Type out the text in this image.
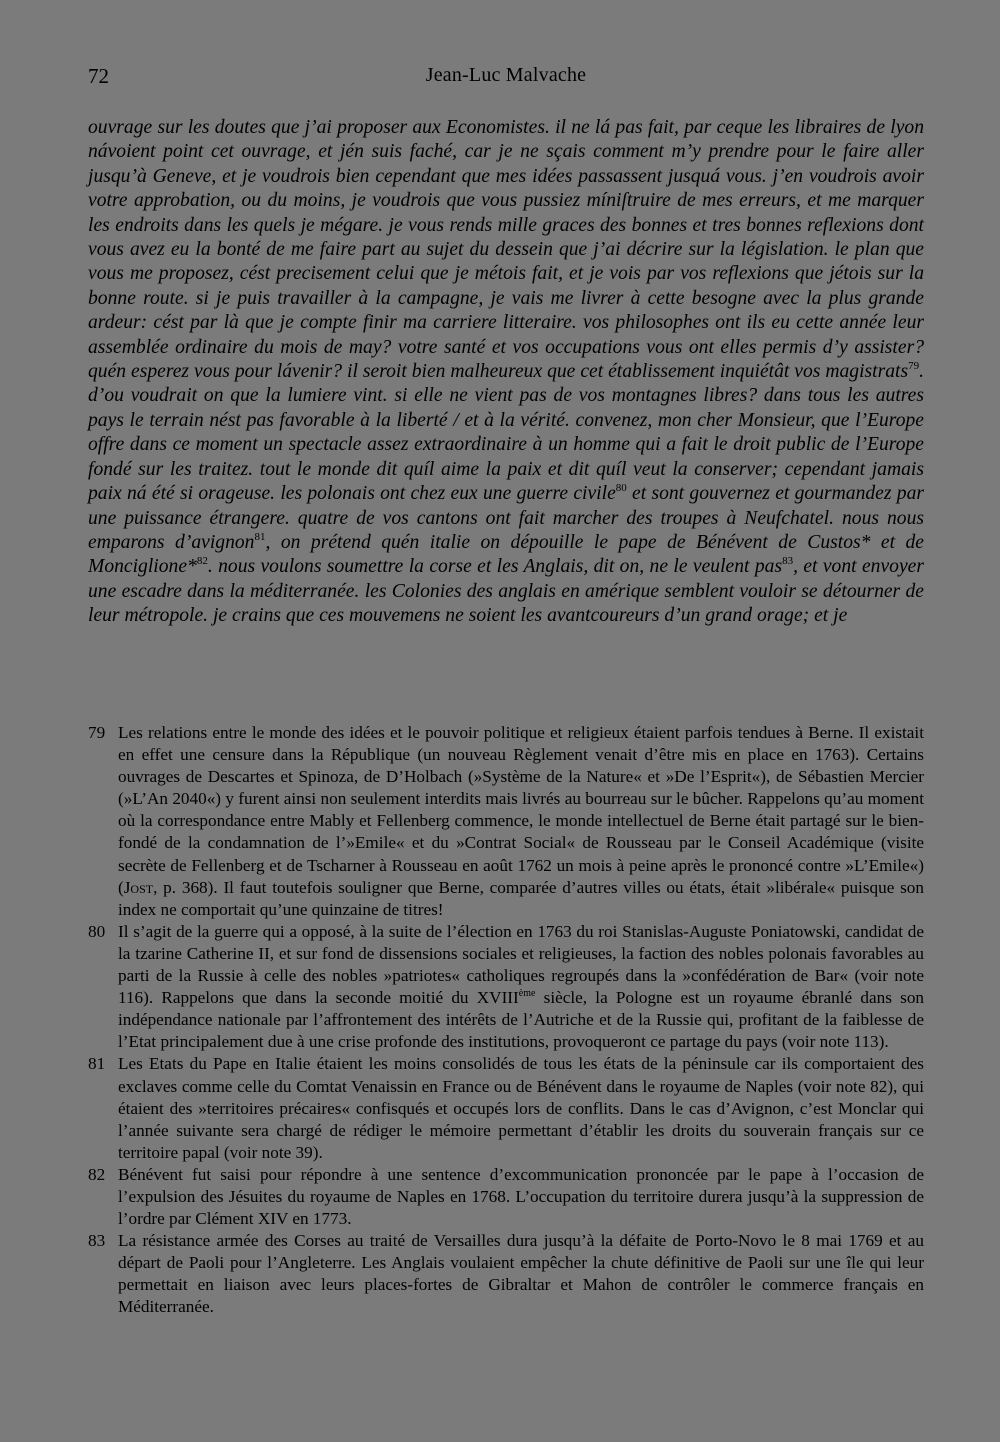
72	Jean-Luc Malvache

ouvrage sur les doutes que j’ai proposer aux Economistes. il ne lá pas fait, par ceque les libraires de lyon návoient point cet ouvrage, et jén suis faché, car je ne sçais comment m’y prendre pour le faire aller jusqu’à Geneve, et je voudrois bien cependant que mes idées passassent jusquá vous. j’en voudrois avoir votre approbation, ou du moins, je voudrois que vous pussiez míniſtruire de mes erreurs, et me marquer les endroits dans les quels je mégare. je vous rends mille graces des bonnes et tres bonnes reflexions dont vous avez eu la bonté de me faire part au sujet du dessein que j’ai décrire sur la législation. le plan que vous me proposez, cést precisement celui que je métois fait, et je vois par vos reflexions que jétois sur la bonne route. si je puis travailler à la campagne, je vais me livrer à cette besogne avec la plus grande ardeur: cést par là que je compte finir ma carriere litteraire. vos philosophes ont ils eu cette année leur assemblée ordinaire du mois de may? votre santé et vos occupations vous ont elles permis d’y assister? quén esperez vous pour lávenir? il seroit bien malheureux que cet établissement inquiétât vos magistrats$^{79}$. d’ou voudrait on que la lumiere vint. si elle ne vient pas de vos montagnes libres? dans tous les autres pays le terrain nést pas favorable à la liberté / et à la vérité. convenez, mon cher Monsieur, que l’Europe offre dans ce moment un spectacle assez extraordinaire à un homme qui a fait le droit public de l’Europe fondé sur les traitez. tout le monde dit quíl aime la paix et dit quíl veut la conserver; cependant jamais paix ná été si orageuse. les polonais ont chez eux une guerre civile$^{80}$ et sont gouvernez et gourmandez par une puissance étrangere. quatre de vos cantons ont fait marcher des troupes à Neufchatel. nous nous emparons d’avignon$^{81}$, on prétend quén italie on dépouille le pape de Bénévent de Custos* et de Monciglione*$^{82}$. nous voulons soumettre la corse et les Anglais, dit on, ne le veulent pas$^{83}$, et vont envoyer une escadre dans la méditerranée. les Colonies des anglais en amérique semblent vouloir se détourner de leur métropole. je crains que ces mouvemens ne soient les avantcoureurs d’un grand orage; et je

79 Les relations entre le monde des idées et le pouvoir politique et religieux étaient parfois tendues à Berne. Il existait en effet une censure dans la République (un nouveau Règlement venait d’être mis en place en 1763). Certains ouvrages de Descartes et Spinoza, de D’Holbach (»Système de la Nature« et »De l’Esprit«), de Sébastien Mercier (»L’An 2040«) y furent ainsi non seulement interdits mais livrés au bourreau sur le bûcher. Rappelons qu’au moment où la correspondance entre Mably et Fellenberg commence, le monde intellectuel de Berne était partagé sur le bien-fondé de la condamnation de l’»Emile« et du »Contrat Social« de Rousseau par le Conseil Académique (visite secrète de Fellenberg et de Tscharner à Rousseau en août 1762 un mois à peine après le prononcé contre »L’Emile«) (Jost, p. 368). Il faut toutefois souligner que Berne, comparée d’autres villes ou états, était »libérale« puisque son index ne comportait qu’une quinzaine de titres!
80 Il s’agit de la guerre qui a opposé, à la suite de l’élection en 1763 du roi Stanislas-Auguste Poniatowski, candidat de la tzarine Catherine II, et sur fond de dissensions sociales et religieuses, la faction des nobles polonais favorables au parti de la Russie à celle des nobles »patriotes« catholiques regroupés dans la »confédération de Bar« (voir note 116). Rappelons que dans la seconde moitié du XVIIIème siècle, la Pologne est un royaume ébranlé dans son indépendance nationale par l’affrontement des intérêts de l’Autriche et de la Russie qui, profitant de la faiblesse de l’Etat principalement due à une crise profonde des institutions, provoqueront ce partage du pays (voir note 113).
81 Les Etats du Pape en Italie étaient les moins consolidés de tous les états de la péninsule car ils comportaient des exclaves comme celle du Comtat Venaissin en France ou de Bénévent dans le royaume de Naples (voir note 82), qui étaient des »territoires précaires« confisqués et occupés lors de conflits. Dans le cas d’Avignon, c’est Monclar qui l’année suivante sera chargé de rédiger le mémoire permettant d’établir les droits du souverain français sur ce territoire papal (voir note 39).
82 Bénévent fut saisi pour répondre à une sentence d’excommunication prononcée par le pape à l’occasion de l’expulsion des Jésuites du royaume de Naples en 1768. L’occupation du territoire durera jusqu’à la suppression de l’ordre par Clément XIV en 1773.
83 La résistance armée des Corses au traité de Versailles dura jusqu’à la défaite de Porto-Novo le 8 mai 1769 et au départ de Paoli pour l’Angleterre. Les Anglais voulaient empêcher la chute définitive de Paoli sur une île qui leur permettait en liaison avec leurs places-fortes de Gibraltar et Mahon de contrôler le commerce français en Méditerranée.
